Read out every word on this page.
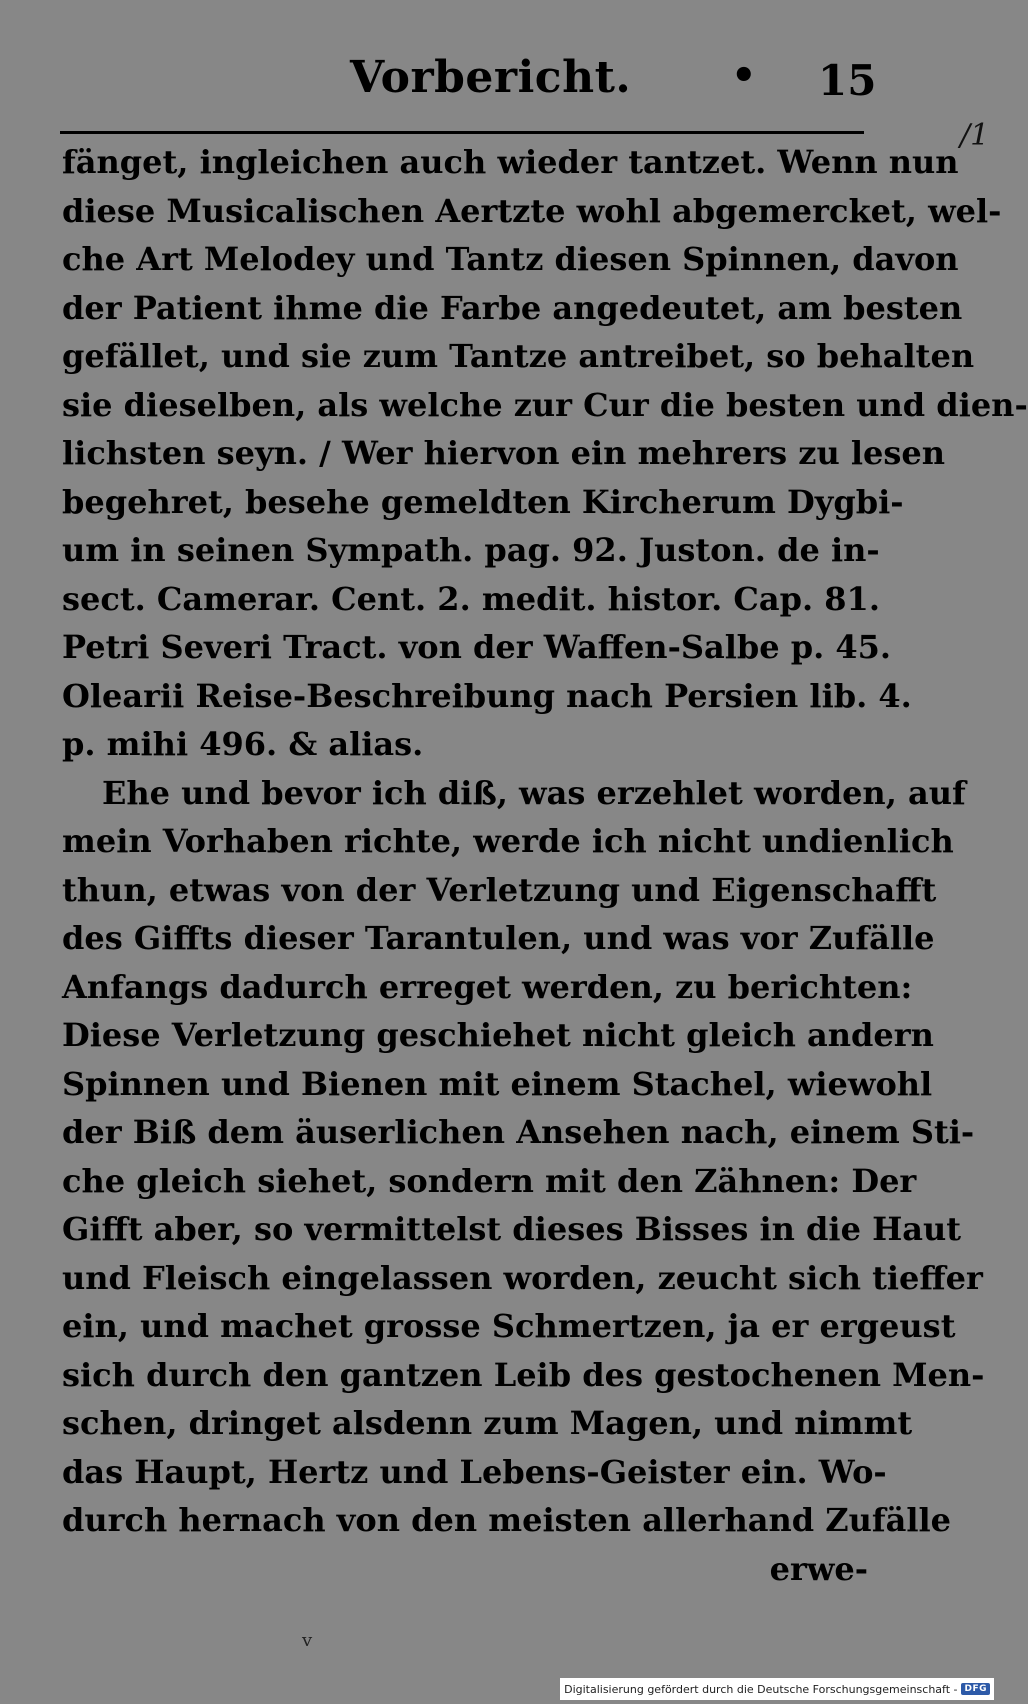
Vorbericht. • 15
/1
fänget, ingleichen auch wieder tantzet. Wenn nun
diese Musicalischen Aertzte wohl abgemercket, wel-
che Art Melodey und Tantz diesen Spinnen, davon
der Patient ihme die Farbe angedeutet, am besten
gefället, und sie zum Tantze antreibet, so behalten
sie dieselben, als welche zur Cur die besten und dien-
lichsten seyn. / Wer hiervon ein mehrers zu lesen
begehret, besehe gemeldten Kircherum Dygbi-
um in seinen Sympath. pag. 92. Juston. de in-
sect. Camerar. Cent. 2. medit. histor. Cap. 81.
Petri Severi Tract. von der Waffen-Salbe p. 45.
Olearii Reise-Beschreibung nach Persien lib. 4.
p. mihi 496. & alias.
Ehe und bevor ich diß, was erzehlet worden, auf
mein Vorhaben richte, werde ich nicht undienlich
thun, etwas von der Verletzung und Eigenschafft
des Giffts dieser Tarantulen, und was vor Zufälle
Anfangs dadurch erreget werden, zu berichten:
Diese Verletzung geschiehet nicht gleich andern
Spinnen und Bienen mit einem Stachel, wiewohl
der Biß dem äuserlichen Ansehen nach, einem Sti-
che gleich siehet, sondern mit den Zähnen: Der
Gifft aber, so vermittelst dieses Bisses in die Haut
und Fleisch eingelassen worden, zeucht sich tieffer
ein, und machet grosse Schmertzen, ja er ergeust
sich durch den gantzen Leib des gestochenen Men-
schen, dringet alsdenn zum Magen, und nimmt
das Haupt, Hertz und Lebens-Geister ein. Wo-
durch hernach von den meisten allerhand Zufälle
erwe-
v
Digitalisierung gefördert durch die Deutsche Forschungsgemeinschaft - DFG
